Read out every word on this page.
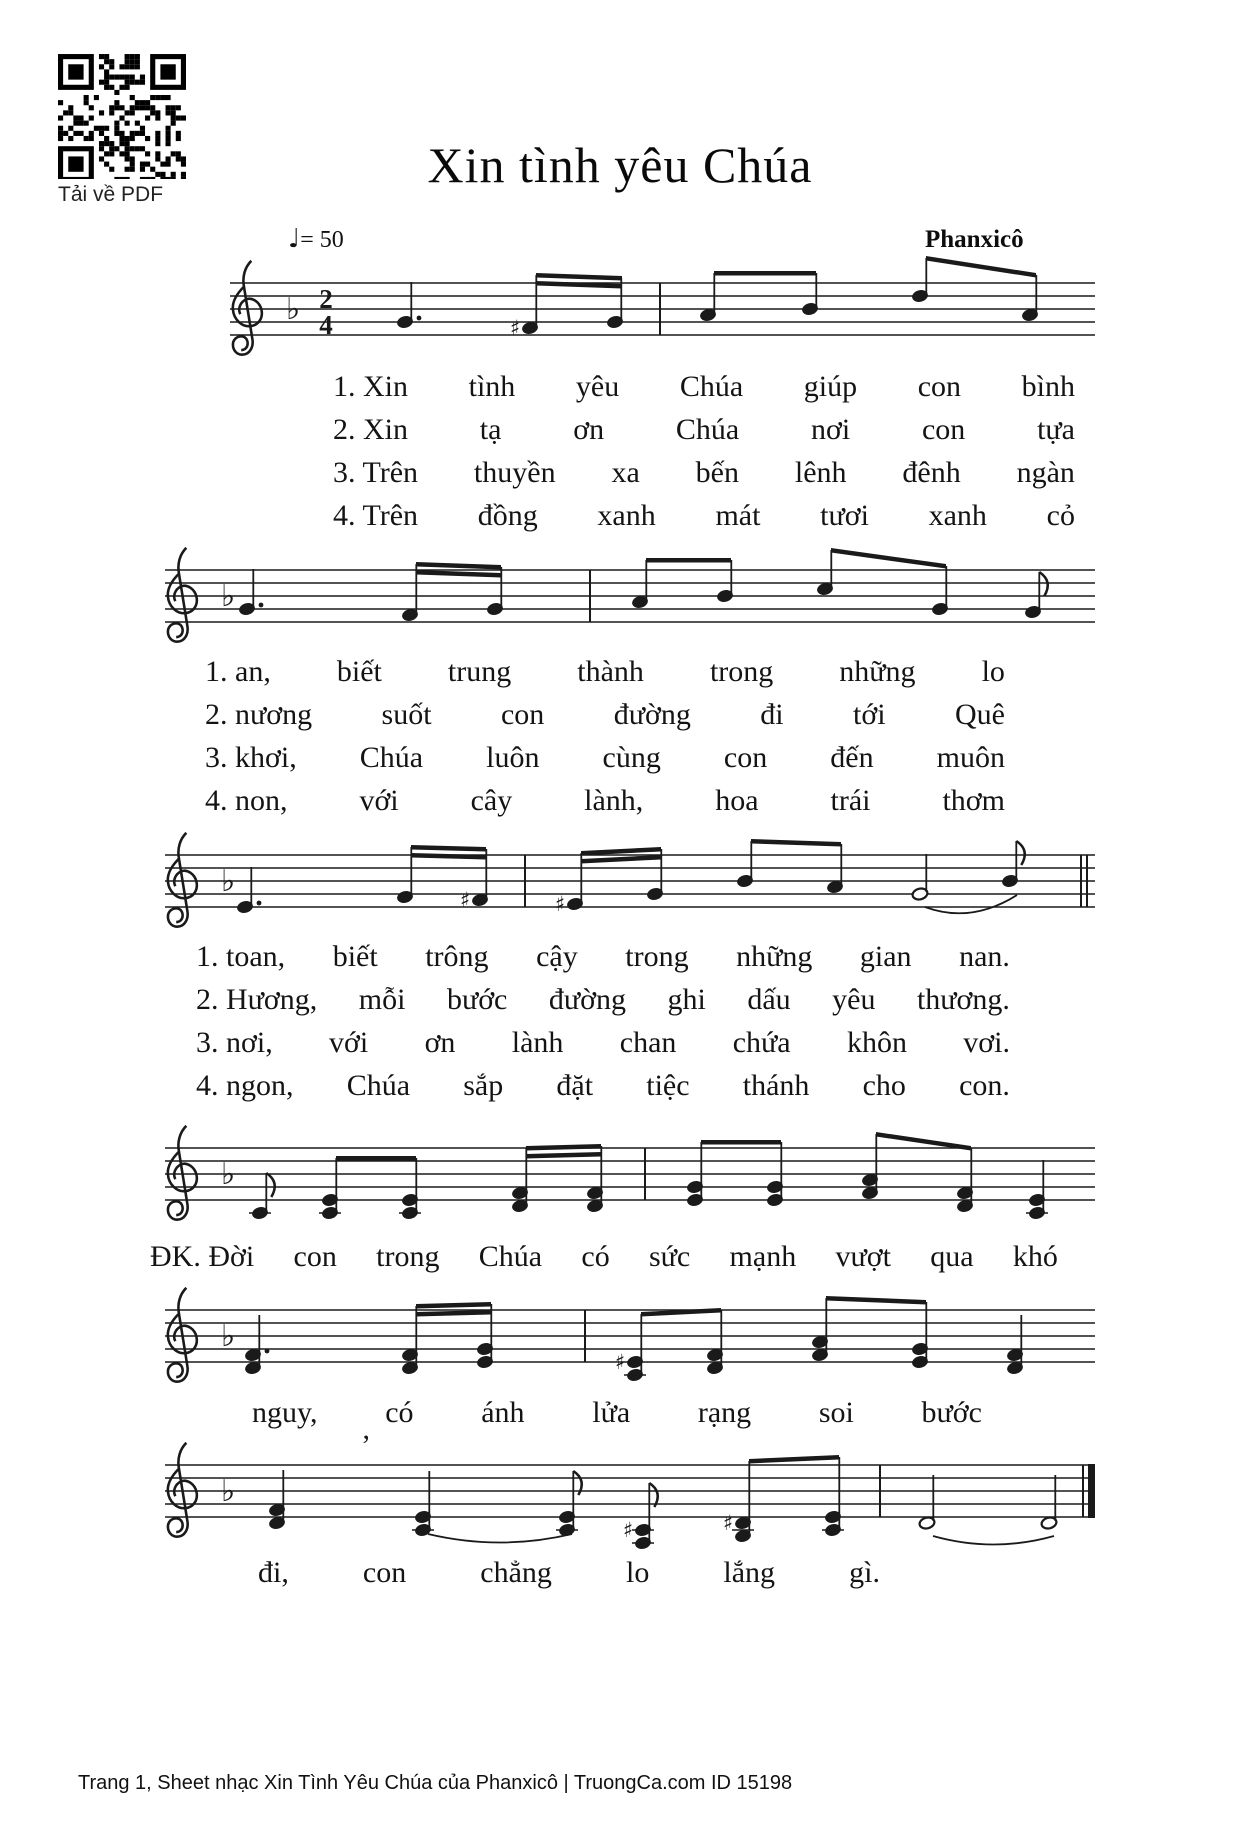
Tải về PDF
Xin tình yêu Chúa
♩= 50	Phanxicô
♭ 2
4	♯
♭
♭
♯	♯
♭
♭
♯
♭
♯	♯
’
1. Xin tình yêu Chúa giúp con bình
2. Xin tạ ơn Chúa nơi con tựa
3. Trên thuyền xa bến lênh đênh ngàn
4. Trên đồng xanh mát tươi xanh cỏ
1. an, biết trung thành trong những lo
2. nương suốt con đường đi tới Quê
3. khơi, Chúa luôn cùng con đến muôn
4. non, với cây lành, hoa trái thơm
1. toan, biết trông cậy trong những gian nan.
2. Hương, mỗi bước đường ghi dấu yêu thương.
3. nơi, với ơn lành chan chứa khôn vơi.
4. ngon, Chúa sắp đặt tiệc thánh cho con.
ĐK. Đời con trong Chúa có sức mạnh vượt qua khó
nguy, có ánh lửa rạng soi bước
đi, con chẳng lo lắng gì.
Trang 1, Sheet nhạc Xin Tình Yêu Chúa của Phanxicô | TruongCa.com ID 15198
